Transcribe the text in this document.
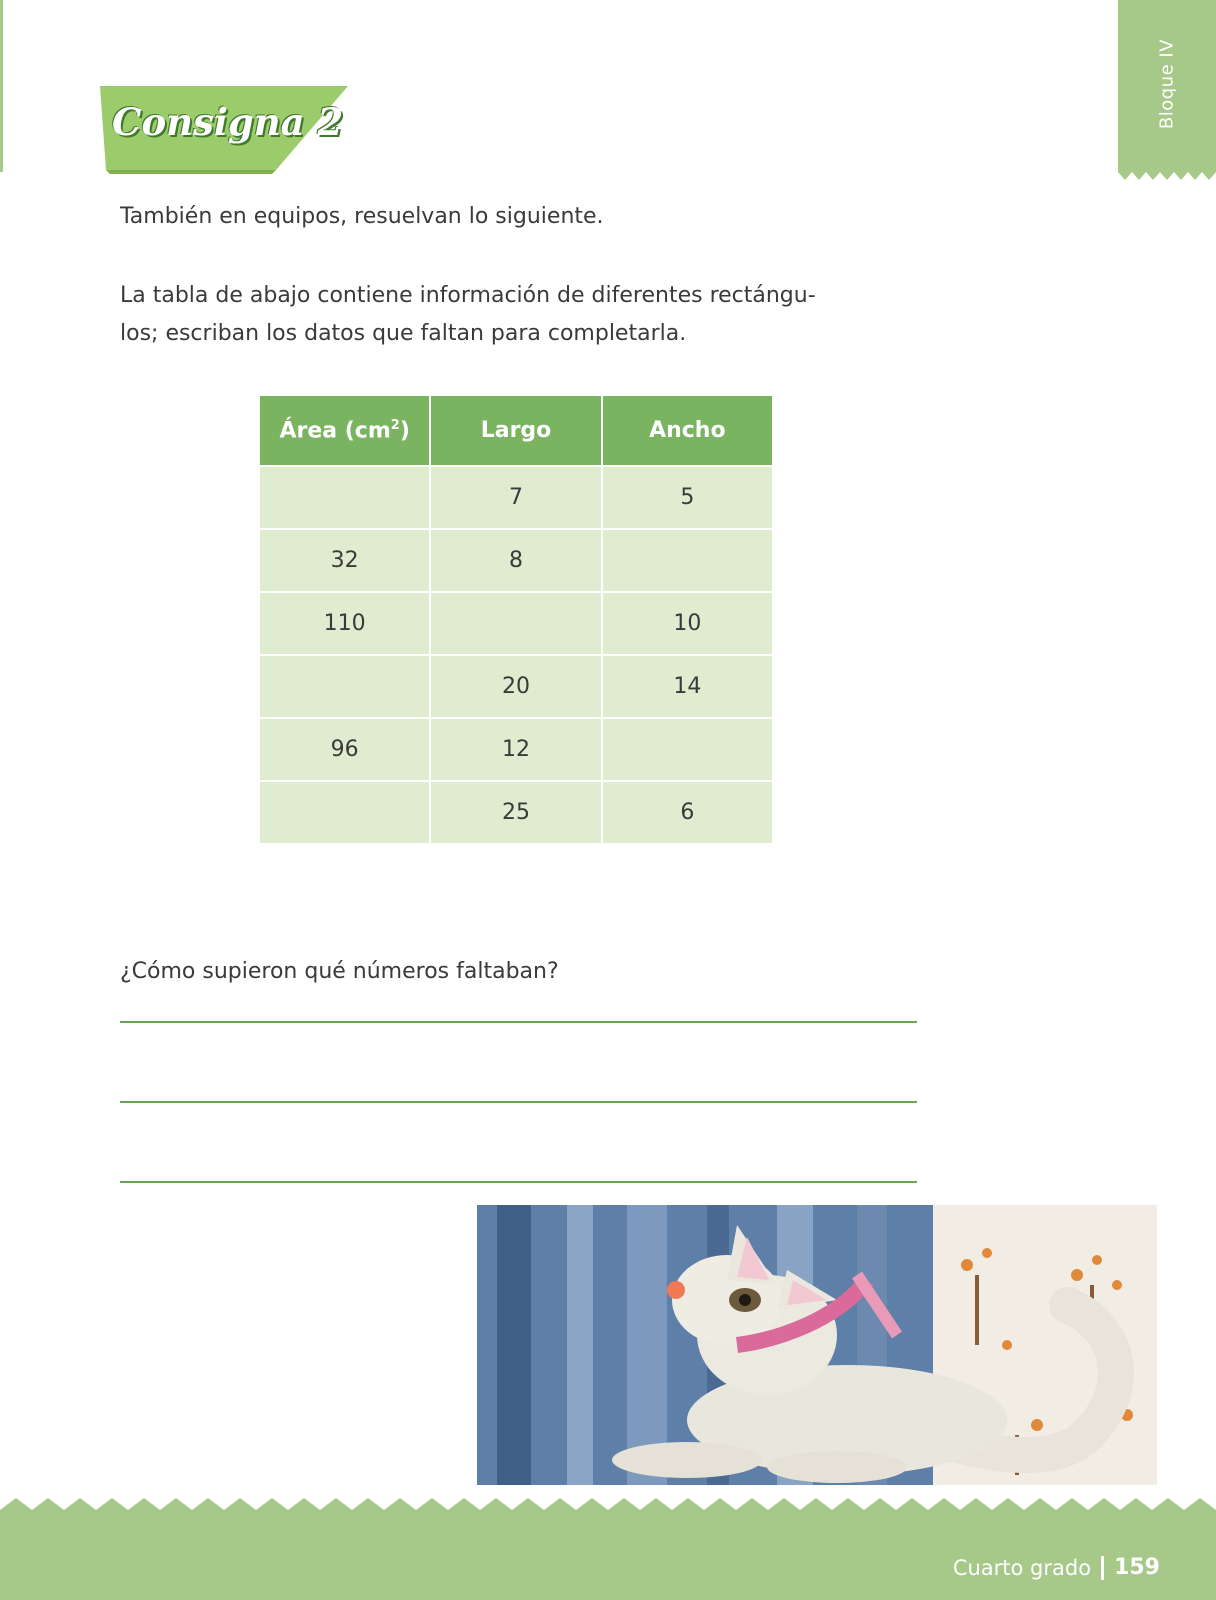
Bloque IV
Consigna 2

También en equipos, resuelvan lo siguiente.

La tabla de abajo contiene información de diferentes rectángu-

los; escriban los datos que faltan para completarla.

Área $(cm^2)$	Largo	Ancho
	7	5
32	8	
110		10
	20	14
96	12	
	25	6

¿Cómo supieron qué números faltaban?

Cuarto grado 159
